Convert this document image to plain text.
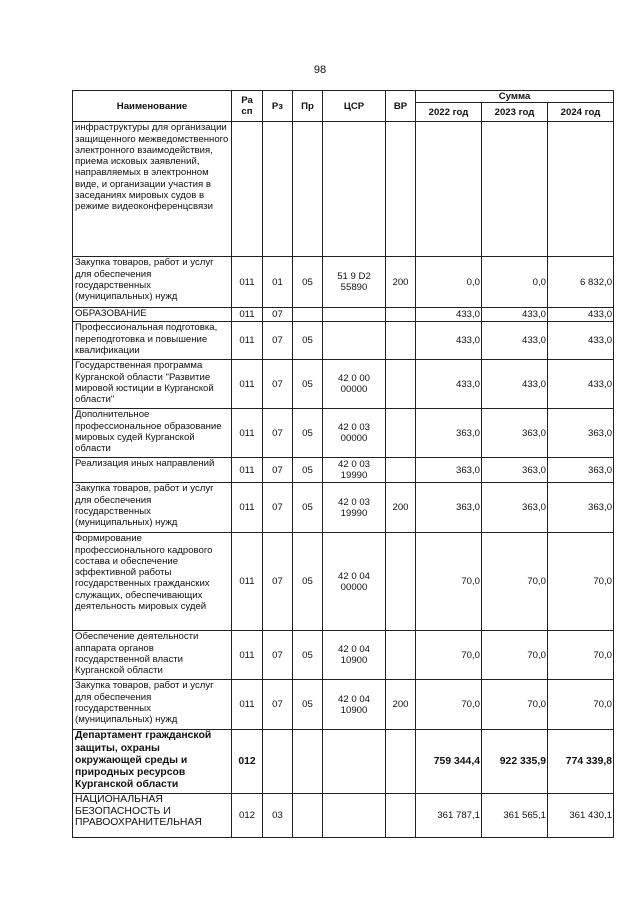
98
Наименование	Ра
сп	Рз	Пр	ЦСР	ВР	Сумма		
						2022 год	2023 год	2024 год
инфраструктуры для организации защищенного межведомственного электронного взаимодействия, приема исковых заявлений, направляемых в электронном виде, и организации участия в заседаниях мировых судов в режиме видеоконференцсвязи								
Закупка товаров, работ и услуг для обеспечения государственных (муниципальных) нужд	011	01	05	51 9 D2 55890	200	0,0	0,0	6 832,0
ОБРАЗОВАНИЕ	011	07				433,0	433,0	433,0
Профессиональная подготовка, переподготовка и повышение квалификации	011	07	05			433,0	433,0	433,0
Государственная программа Курганской области "Развитие мировой юстиции в Курганской области"	011	07	05	42 0 00 00000		433,0	433,0	433,0
Дополнительное профессиональное образование мировых судей Курганской области	011	07	05	42 0 03 00000		363,0	363,0	363,0
Реализация иных направлений	011	07	05	42 0 03 19990		363,0	363,0	363,0
Закупка товаров, работ и услуг для обеспечения государственных (муниципальных) нужд	011	07	05	42 0 03 19990	200	363,0	363,0	363,0
Формирование профессионального кадрового состава и обеспечение эффективной работы государственных гражданских служащих, обеспечивающих деятельность мировых судей	011	07	05	42 0 04 00000		70,0	70,0	70,0
Обеспечение деятельности аппарата органов государственной власти Курганской области	011	07	05	42 0 04 10900		70,0	70,0	70,0
Закупка товаров, работ и услуг для обеспечения государственных (муниципальных) нужд	011	07	05	42 0 04 10900	200	70,0	70,0	70,0
Департамент гражданской защиты, охраны окружающей среды и природных ресурсов Курганской области	012					759 344,4	922 335,9	774 339,8
НАЦИОНАЛЬНАЯ БЕЗОПАСНОСТЬ И ПРАВООХРАНИТЕЛЬНАЯ	012	03				361 787,1	361 565,1	361 430,1
